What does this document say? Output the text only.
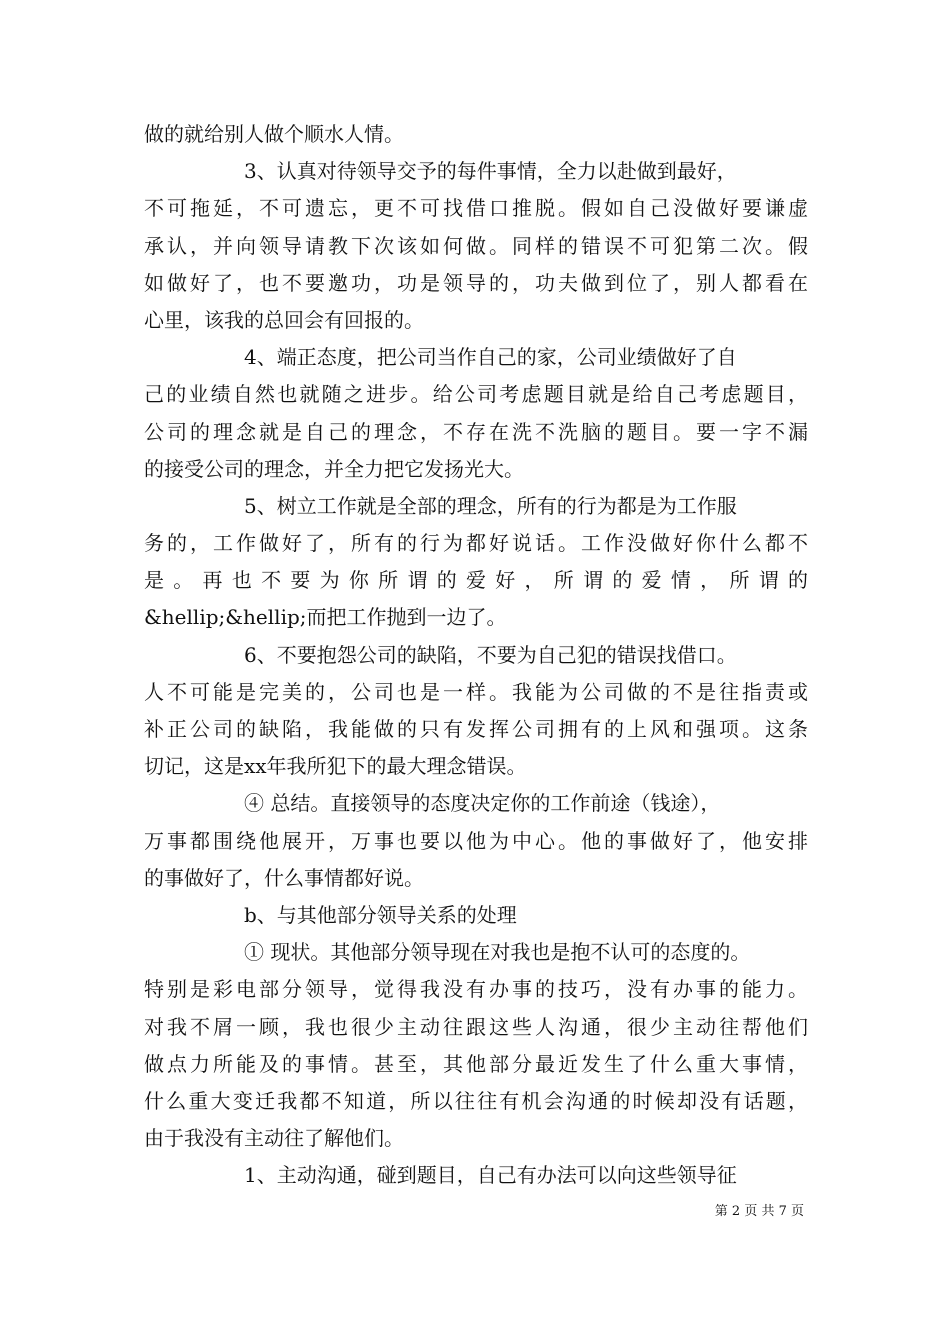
做的就给别人做个顺水人情。
3、认真对待领导交予的每件事情，全力以赴做到最好，
不可拖延，不可遗忘，更不可找借口推脱。假如自己没做好要谦虚
承认，并向领导请教下次该如何做。同样的错误不可犯第二次。假
如做好了，也不要邀功，功是领导的，功夫做到位了，别人都看在
心里，该我的总回会有回报的。
4、端正态度，把公司当作自己的家，公司业绩做好了自
己的业绩自然也就随之进步。给公司考虑题目就是给自己考虑题目，
公司的理念就是自己的理念，不存在洗不洗脑的题目。要一字不漏
的接受公司的理念，并全力把它发扬光大。
5、树立工作就是全部的理念，所有的行为都是为工作服
务的，工作做好了，所有的行为都好说话。工作没做好你什么都不
是 。 再 也 不 要 为 你 所 谓 的 爱 好 ， 所 谓 的 爱 情 ， 所 谓 的
&hellip;&hellip;而把工作抛到一边了。
6、不要抱怨公司的缺陷，不要为自己犯的错误找借口。
人不可能是完美的，公司也是一样。我能为公司做的不是往指责或
补正公司的缺陷，我能做的只有发挥公司拥有的上风和强项。这条
切记，这是xx年我所犯下的最大理念错误。
④ 总结。直接领导的态度决定你的工作前途（钱途），
万事都围绕他展开，万事也要以他为中心。他的事做好了，他安排
的事做好了，什么事情都好说。
b、与其他部分领导关系的处理
① 现状。其他部分领导现在对我也是抱不认可的态度的。
特别是彩电部分领导，觉得我没有办事的技巧，没有办事的能力。
对我不屑一顾，我也很少主动往跟这些人沟通，很少主动往帮他们
做点力所能及的事情。甚至，其他部分最近发生了什么重大事情，
什么重大变迁我都不知道，所以往往有机会沟通的时候却没有话题，
由于我没有主动往了解他们。
1、主动沟通，碰到题目，自己有办法可以向这些领导征
第 2 页 共 7 页
